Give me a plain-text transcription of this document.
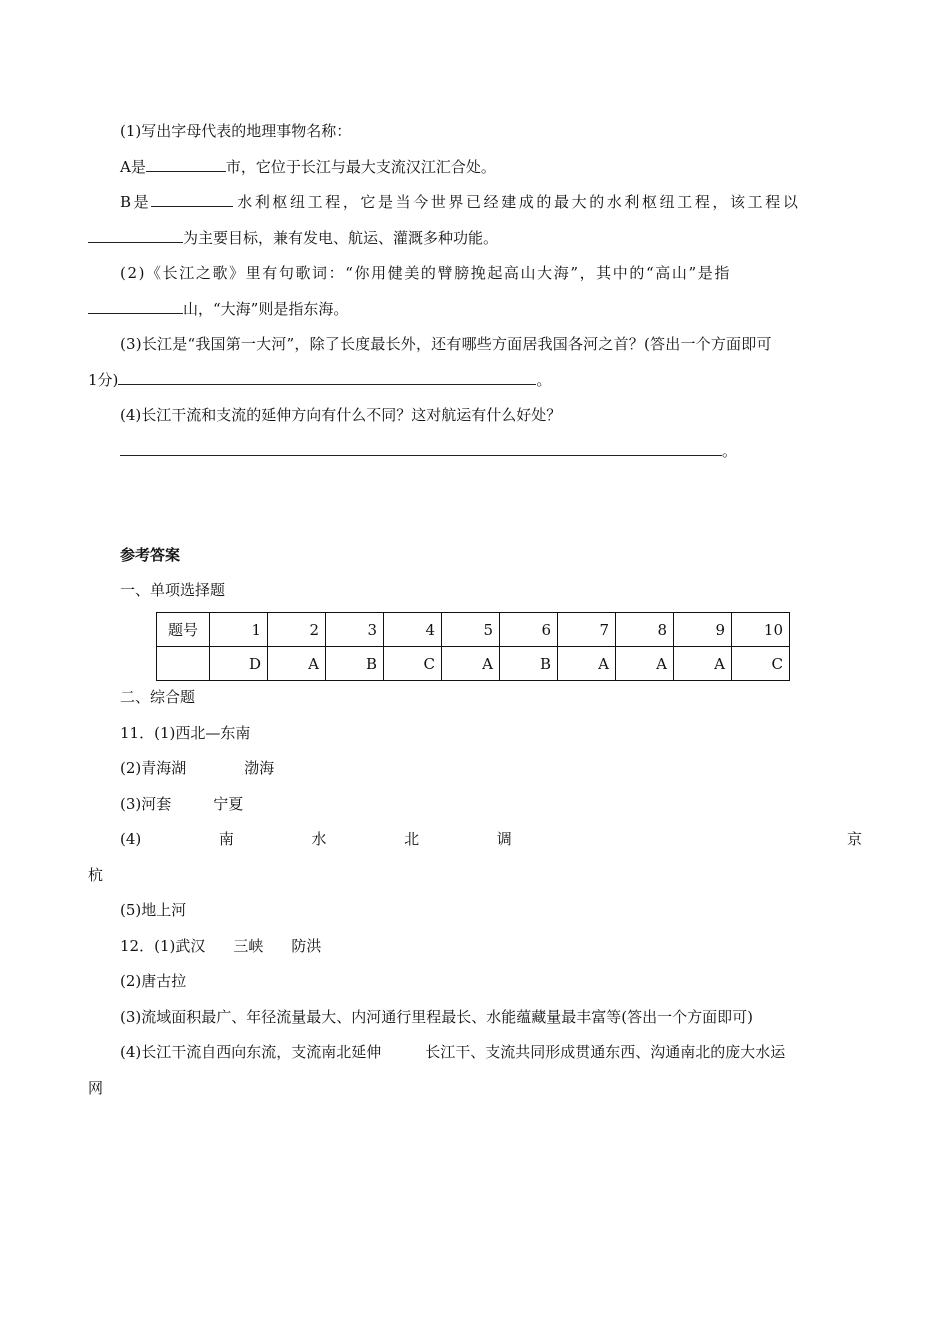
(1)写出字母代表的地理事物名称：
A是	市，它位于长江与最大支流汉江汇合处。
B是	水利枢纽工程，它是当今世界已经建成的最大的水利枢纽工程，该工程以
为主要目标，兼有发电、航运、灌溉多种功能。
(2)《长江之歌》里有句歌词：“你用健美的臂膀挽起高山大海”，其中的“高山”是指
山，“大海”则是指东海。
(3)长江是“我国第一大河”，除了长度最长外，还有哪些方面居我国各河之首？(答出一个方面即可
1分)	。
(4)长江干流和支流的延伸方向有什么不同？这对航运有什么好处？
。
参考答案
一、单项选择题
题号	1	2	3	4	5	6	7	8	9	10
	D	A	B	C	A	B	A	A	A	C
二、综合题
11．(1)西北—东南
(2)青海湖	渤海
(3)河套	宁夏
(4)	南	水	北	调	京
杭
(5)地上河
12．(1)武汉 三峡 防洪
(2)唐古拉
(3)流域面积最广、年径流量最大、内河通行里程最长、水能蕴藏量最丰富等(答出一个方面即可)
(4)长江干流自西向东流，支流南北延伸	长江干、支流共同形成贯通东西、沟通南北的庞大水运
网
